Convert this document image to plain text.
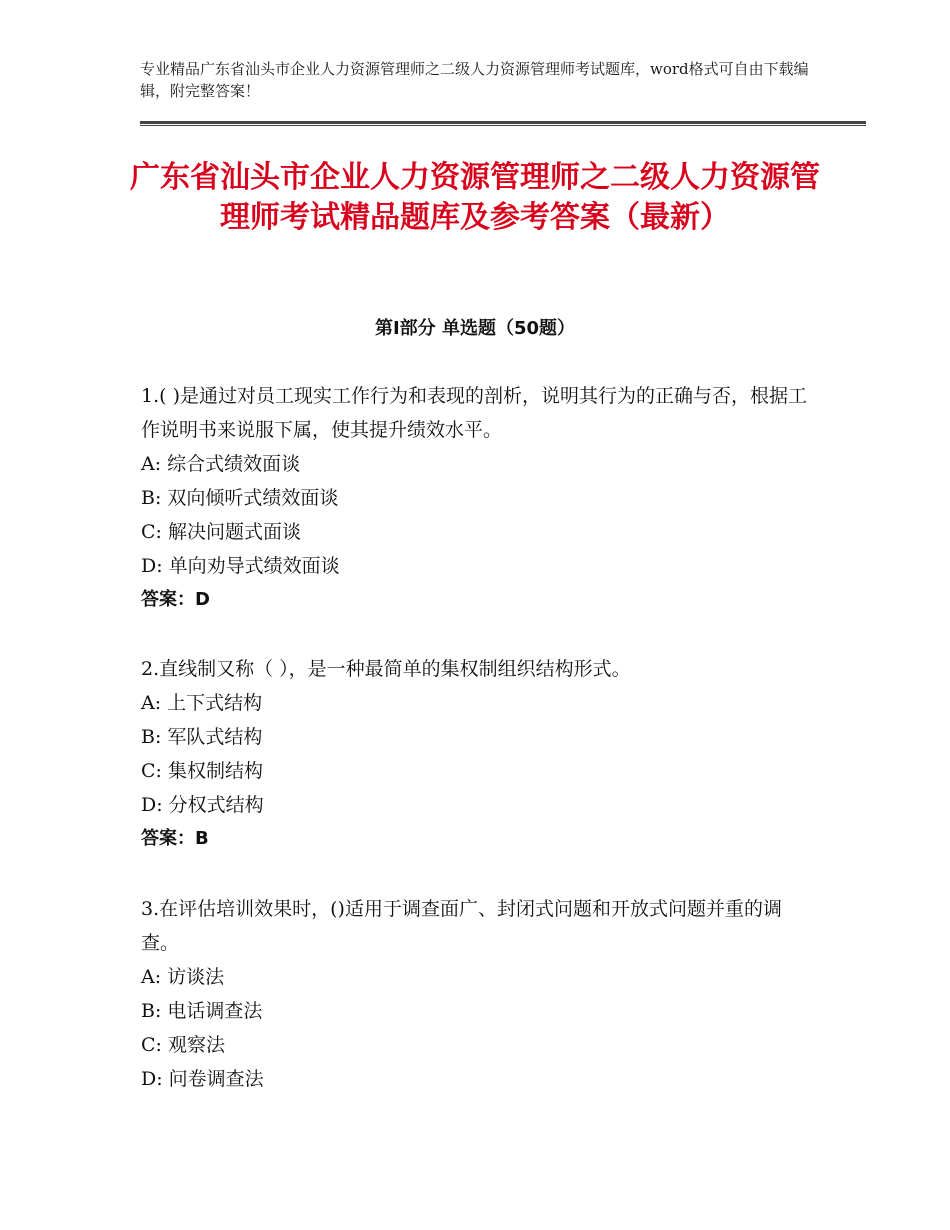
专业精品广东省汕头市企业人力资源管理师之二级人力资源管理师考试题库，word格式可自由下载编辑，附完整答案！
广东省汕头市企业人力资源管理师之二级人力资源管理师考试精品题库及参考答案（最新）
第Ⅰ部分 单选题（50题）
1.( )是通过对员工现实工作行为和表现的剖析，说明其行为的正确与否，根据工作说明书来说服下属，使其提升绩效水平。
A: 综合式绩效面谈
B: 双向倾听式绩效面谈
C: 解决问题式面谈
D: 单向劝导式绩效面谈
答案：D
2.直线制又称（ ），是一种最简单的集权制组织结构形式。
A: 上下式结构
B: 军队式结构
C: 集权制结构
D: 分权式结构
答案：B
3.在评估培训效果时，()适用于调查面广、封闭式问题和开放式问题并重的调查。
A: 访谈法
B: 电话调查法
C: 观察法
D: 问卷调查法
